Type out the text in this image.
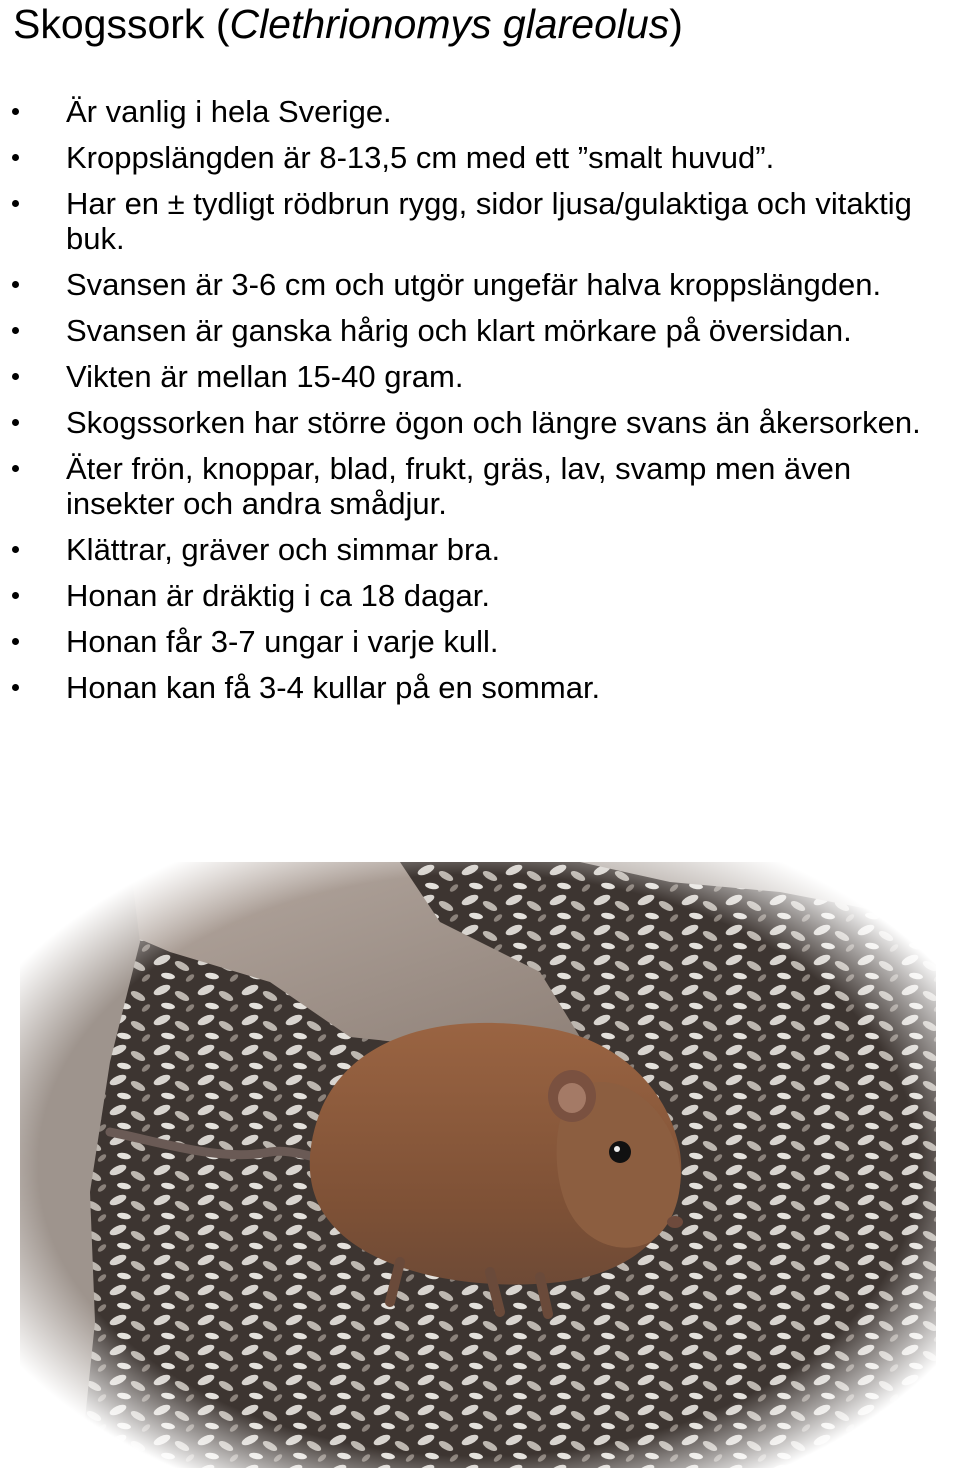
Skogssork (Clethrionomys glareolus)
Är vanlig i hela Sverige.
Kroppslängden är 8-13,5 cm med ett ”smalt huvud”.
Har en ± tydligt rödbrun rygg, sidor ljusa/gulaktiga och vitaktig buk.
Svansen är 3-6 cm och utgör ungefär halva kroppslängden.
Svansen är ganska hårig och klart mörkare på översidan.
Vikten är mellan 15-40 gram.
Skogssorken har större ögon och längre svans än åkersorken.
Äter frön, knoppar, blad, frukt, gräs, lav, svamp men även insekter och andra smådjur.
Klättrar, gräver och simmar bra.
Honan är dräktig i ca 18 dagar.
Honan får 3-7 ungar i varje kull.
Honan kan få 3-4 kullar på en sommar.
